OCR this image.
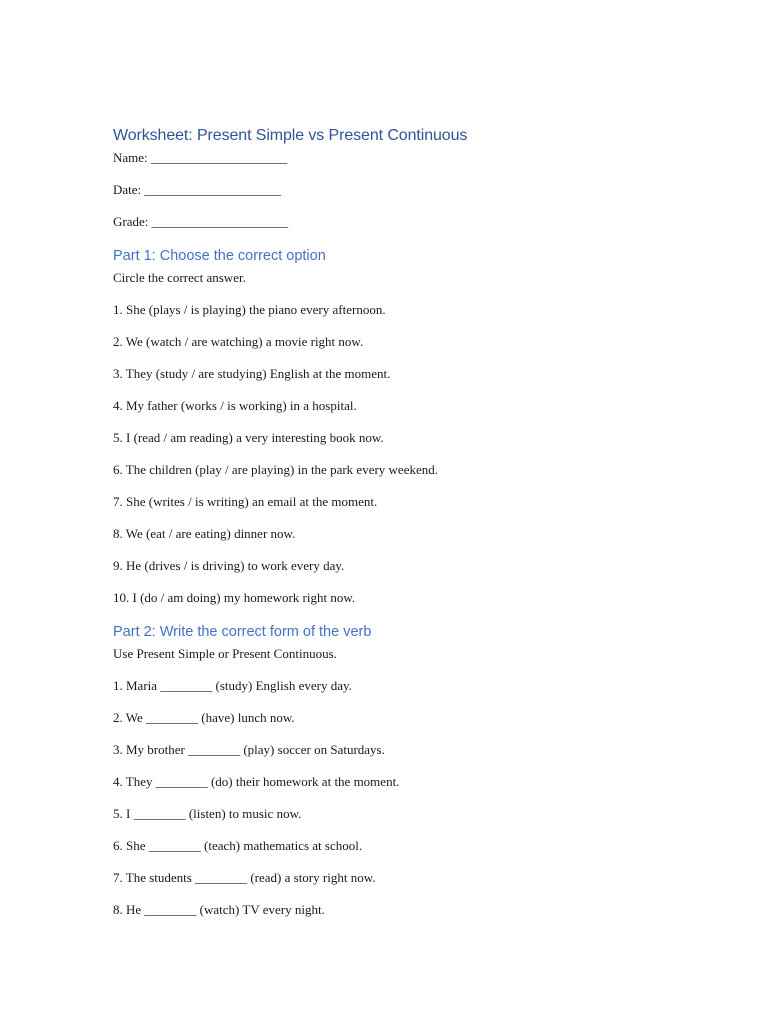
Worksheet: Present Simple vs Present Continuous

Name: _____________________

Date: _____________________

Grade: _____________________

Part 1: Choose the correct option

Circle the correct answer.

1. She (plays / is playing) the piano every afternoon.

2. We (watch / are watching) a movie right now.

3. They (study / are studying) English at the moment.

4. My father (works / is working) in a hospital.

5. I (read / am reading) a very interesting book now.

6. The children (play / are playing) in the park every weekend.

7. She (writes / is writing) an email at the moment.

8. We (eat / are eating) dinner now.

9. He (drives / is driving) to work every day.

10. I (do / am doing) my homework right now.

Part 2: Write the correct form of the verb

Use Present Simple or Present Continuous.

1. Maria ________ (study) English every day.

2. We ________ (have) lunch now.

3. My brother ________ (play) soccer on Saturdays.

4. They ________ (do) their homework at the moment.

5. I ________ (listen) to music now.

6. She ________ (teach) mathematics at school.

7. The students ________ (read) a story right now.

8. He ________ (watch) TV every night.
